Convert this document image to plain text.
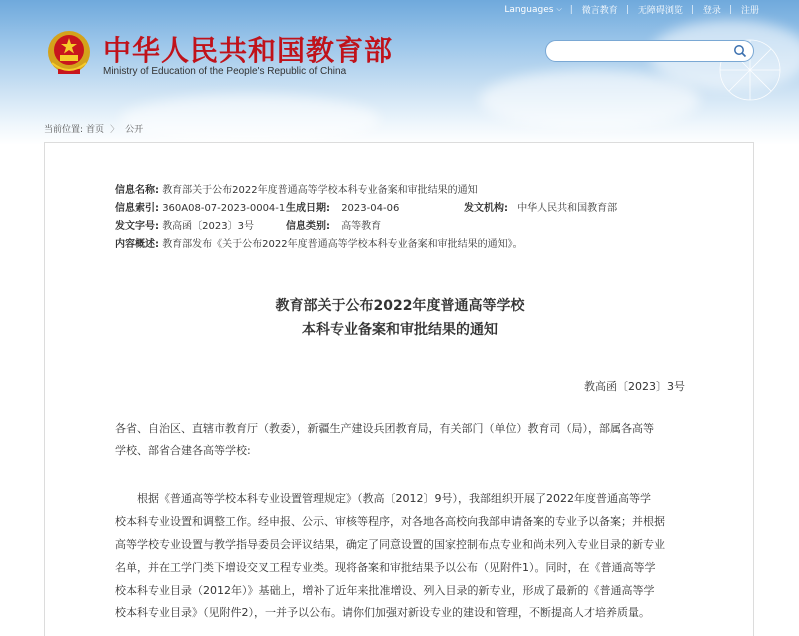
Languages ⌵ | 微言教育 | 无障碍浏览 | 登录 | 注册
中华人民共和国教育部
Ministry of Education of the People's Republic of China
当前位置: 首页 〉 公开
信息名称: 教育部关于公布2022年度普通高等学校本科专业备案和审批结果的通知
信息索引: 360A08-07-2023-0004-1 生成日期: 2023-04-06	发文机构: 中华人民共和国教育部
发文字号: 教高函〔2023〕3号	信息类别: 高等教育
内容概述: 教育部发布《关于公布2022年度普通高等学校本科专业备案和审批结果的通知》。
教育部关于公布2022年度普通高等学校
本科专业备案和审批结果的通知
教高函〔2023〕3号
各省、自治区、直辖市教育厅（教委），新疆生产建设兵团教育局，有关部门（单位）教育司（局），部属各高等
学校、部省合建各高等学校:
根据《普通高等学校本科专业设置管理规定》（教高〔2012〕9号），我部组织开展了2022年度普通高等学
校本科专业设置和调整工作。经申报、公示、审核等程序，对各地各高校向我部申请备案的专业予以备案；并根据
高等学校专业设置与教学指导委员会评议结果，确定了同意设置的国家控制布点专业和尚未列入专业目录的新专业
名单，并在工学门类下增设交叉工程专业类。现将备案和审批结果予以公布（见附件1）。同时，在《普通高等学
校本科专业目录（2012年）》基础上，增补了近年来批准增设、列入目录的新专业，形成了最新的《普通高等学
校本科专业目录》（见附件2），一并予以公布。请你们加强对新设专业的建设和管理，不断提高人才培养质量。
